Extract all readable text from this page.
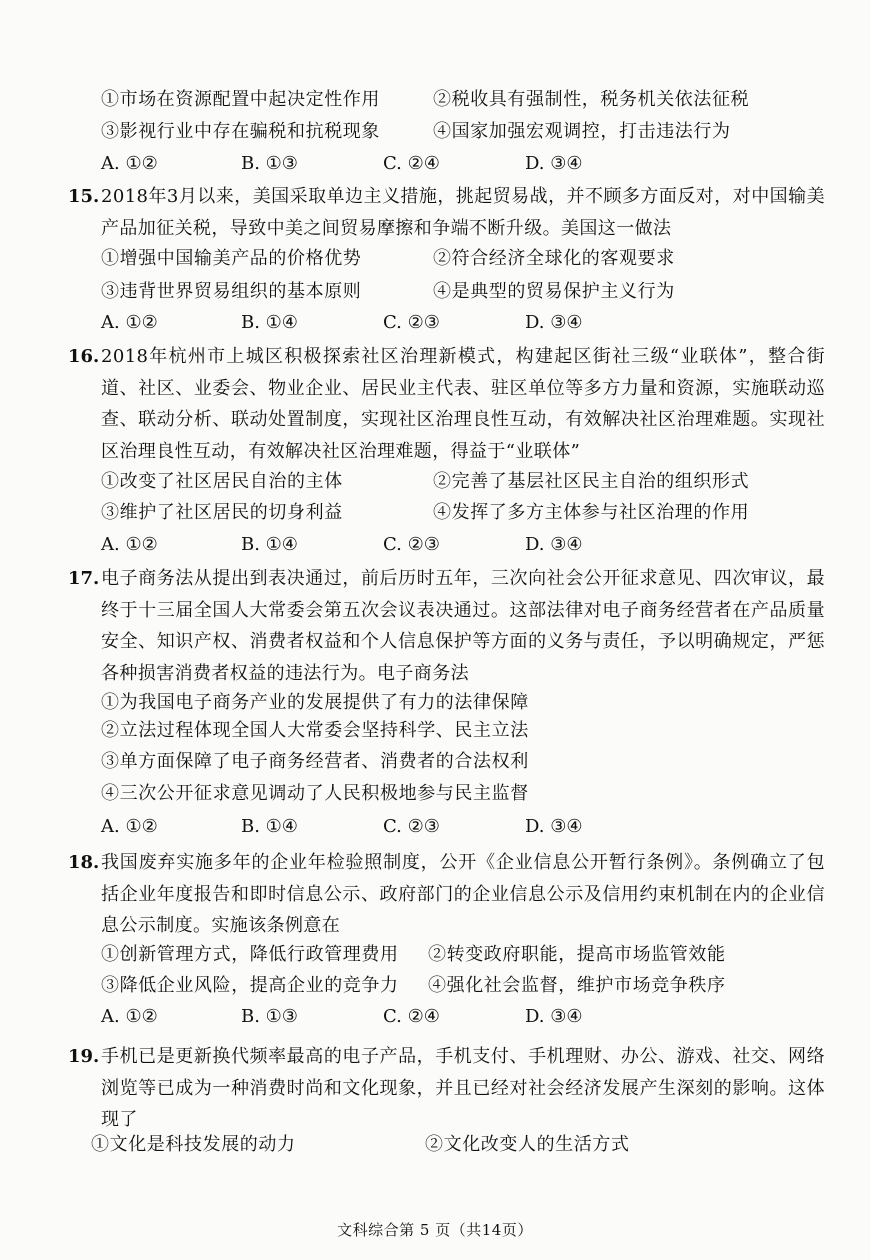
①市场在资源配置中起决定性作用	②税收具有强制性，税务机关依法征税
③影视行业中存在骗税和抗税现象	④国家加强宏观调控，打击违法行为
A. ①②	B. ①③	C. ②④	D. ③④
15. 2018年3月以来，美国采取单边主义措施，挑起贸易战，并不顾多方面反对，对中国输美产品加征关税，导致中美之间贸易摩擦和争端不断升级。美国这一做法
①增强中国输美产品的价格优势	②符合经济全球化的客观要求
③违背世界贸易组织的基本原则	④是典型的贸易保护主义行为
A. ①②	B. ①④	C. ②③	D. ③④
16. 2018年杭州市上城区积极探索社区治理新模式，构建起区街社三级“业联体”，整合街道、社区、业委会、物业企业、居民业主代表、驻区单位等多方力量和资源，实施联动巡查、联动分析、联动处置制度，实现社区治理良性互动，有效解决社区治理难题。实现社区治理良性互动，有效解决社区治理难题，得益于“业联体”
①改变了社区居民自治的主体	②完善了基层社区民主自治的组织形式
③维护了社区居民的切身利益	④发挥了多方主体参与社区治理的作用
A. ①②	B. ①④	C. ②③	D. ③④
17. 电子商务法从提出到表决通过，前后历时五年，三次向社会公开征求意见、四次审议，最终于十三届全国人大常委会第五次会议表决通过。这部法律对电子商务经营者在产品质量安全、知识产权、消费者权益和个人信息保护等方面的义务与责任，予以明确规定，严惩各种损害消费者权益的违法行为。电子商务法
①为我国电子商务产业的发展提供了有力的法律保障
②立法过程体现全国人大常委会坚持科学、民主立法
③单方面保障了电子商务经营者、消费者的合法权利
④三次公开征求意见调动了人民积极地参与民主监督
A. ①②	B. ①④	C. ②③	D. ③④
18. 我国废弃实施多年的企业年检验照制度，公开《企业信息公开暂行条例》。条例确立了包括企业年度报告和即时信息公示、政府部门的企业信息公示及信用约束机制在内的企业信息公示制度。实施该条例意在
①创新管理方式，降低行政管理费用 ②转变政府职能，提高市场监管效能
③降低企业风险，提高企业的竞争力 ④强化社会监督，维护市场竞争秩序
A. ①②	B. ①③	C. ②④	D. ③④
19. 手机已是更新换代频率最高的电子产品，手机支付、手机理财、办公、游戏、社交、网络浏览等已成为一种消费时尚和文化现象，并且已经对社会经济发展产生深刻的影响。这体现了
①文化是科技发展的动力	②文化改变人的生活方式
文科综合第 5 页（共14页）
